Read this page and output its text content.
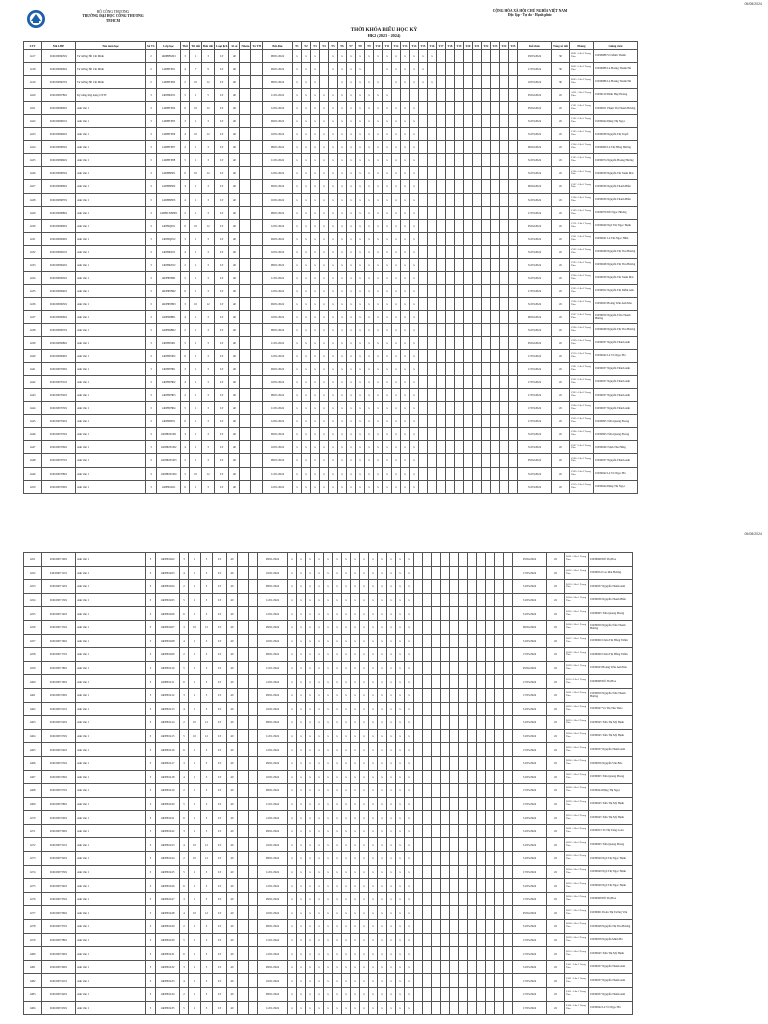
05/08/2024
BỘ CÔNG THƯƠNG
TRƯỜNG ĐẠI HỌC CÔNG THƯƠNG
TP.HCM
CỘNG HÒA XÃ HỘI CHỦ NGHĨA VIỆT NAM
Độc lập - Tự do - Hạnh phúc
THỜI KHÓA BIỂU HỌC KỲ
HK2 (2023 - 2024)
STT	Mã LHP	Tên môn học	Số TC	Lớp học	Thứ	Từ tiết	Đến tiết	Loại lịch	Sĩ số	Nhóm	Tổ TH	Bắt đầu	T1	T2	T3	T4	T5	T6	T7	T8	T9	T10	T11	T12	T13	T14	T15	T16	T17	T18	T19	T20	T21	T22	T23	T24	T25	Kết thúc	Tổng số tiết	Phòng	Giảng viên
1417	010100066501	Tư tưởng Hồ Chí Minh	2	14DHBM01	3	1	3	LT	40			08/01/2024	x	x	x		x	x	x	x	x	x	x	x	x	x	x	x										03/03/2024	30	B301 - Lầu 3 Trọng Tâm	01030088 Võ Minh Thành
1418	010100066601	Tư tưởng Hồ Chí Minh	2	14DHTP01	4	7	9	LT	40			09/01/2024	x	x	x		x	x	x	x			x	x	x	x	x											17/03/2024	30	B302 - Lầu 3 Trọng Tâm	01030086 Lê Hoàng Thanh Hà
1419	010100066701	Tư tưởng Hồ Chí Minh	2	14DHTP02	2	10	12	LT	40			08/01/2024	x	x	x			x	x	x	x	x		x	x	x	x	x										10/03/2024	30	B303 - Lầu 3 Trọng Tâm	01030086 Lê Hoàng Thanh Hà
1420	010100067801	Kỹ năng ứng dụng CNTT	3	14DHKT01	5	1	5	LT	40			11/01/2024	x	x	x	x	x	x	x	x	x	x	x															05/04/2024	45	A201 - Lầu 2 Trọng Tâm	01030120 Đinh Huy Hoàng
1421	010100068001	Anh văn 1	3	14DHTP04	6	10	12	LT	40			12/01/2024	x	x	x	x	x	x	x	x	x	x	x	x	x	x												05/04/2024	45	C101 - Lầu 1 Trọng Tâm	01030051 Phạm Thị Thanh Hương
1422	010100068101	Anh văn 1	3	14DHTP05	3	1	3	LT	40			09/01/2024	x	x	x	x	x	x	x	x	x	x	x	x	x	x												31/03/2024	45	C102 - Lầu 1 Trọng Tâm	01030044 Đặng Thị Ngọc
1423	010100068201	Anh văn 1	3	14DHTP06	4	10	12	LT	40			10/01/2024	x	x	x	x	x	x	x	x	x	x	x	x	x	x												31/03/2024	45	C103 - Lầu 1 Trọng Tâm	01030038 Nguyễn Thị Tuyết
1424	010100068301	Anh văn 1	3	14DHTP07	2	1	3	LT	40			08/01/2024	x	x	x	x	x	x	x	x	x	x	x	x	x	x												06/04/2024	45	C104 - Lầu 1 Trọng Tâm	01030069 Lê Thị Hồng Hương
1425	010100068401	Anh văn 1	3	14DHTP08	5	1	3	LT	40			11/01/2024	x	x	x	x	x	x	x	x	x	x	x	x	x	x												31/03/2024	45	C105 - Lầu 1 Trọng Tâm	01030074 Nguyễn Hoàng Hương
1426	010100068501	Anh văn 1	3	14DHSH01	6	10	12	LT	40			12/01/2024	x	x	x	x	x	x	x	x	x	x	x	x	x	x												31/03/2024	45	C106 - Lầu 1 Trọng Tâm	01030039 Nguyễn Thị Xuân Mai
1427	010100068601	Anh văn 1	3	14DHSH02	3	1	3	LT	40			09/01/2024	x	x	x	x	x	x	x	x	x	x	x	x	x	x												06/04/2024	45	C107 - Lầu 1 Trọng Tâm	01030036 Nguyễn Thanh Hiền
1428	010100068701	Anh văn 1	3	14DHSH03	4	1	3	LT	40			10/01/2024	x	x	x	x	x	x	x	x	x	x	x	x	x	x												31/03/2024	45	C108 - Lầu 1 Trọng Tâm	01030036 Nguyễn Thanh Hiền
1429	010100068801	Anh văn 1	3	14DHCNSH01	2	1	3	LT	40			08/01/2024	x	x	x	x	x	x	x	x	x	x	x	x	x	x												17/03/2024	45	C109 - Lầu 1 Trọng Tâm	01030079 Đỗ Ngọc Hương
1430	010100068901	Anh văn 1	3	14DHQT01	6	10	12	LT	40			12/01/2024	x	x	x	x	x	x	x	x	x	x	x	x	x	x												05/04/2024	45	C110 - Lầu 1 Trọng Tâm	01030049 Ngô Thị Ngọc Hạnh
1431	010100069001	Anh văn 1	3	14DHQT02	3	1	3	LT	40			09/01/2024	x	x	x	x	x	x	x	x	x	x	x	x	x	x												31/03/2024	45	C201 - Lầu 2 Trọng Tâm	01030041 Lê Thị Ngọc Hiền
1432	010100069101	Anh văn 1	3	14DHKT01	4	1	3	LT	40			10/01/2024	x	x	x	x	x	x	x	x	x	x	x	x	x	x												31/03/2024	45	C202 - Lầu 2 Trọng Tâm	01030048 Nguyễn Thị Thu Hương
1433	010100069201	Anh văn 1	3	14DHKT02	2	1	3	LT	40			08/01/2024	x	x	x	x	x	x	x	x	x	x	x	x	x	x												31/03/2024	45	C203 - Lầu 2 Trọng Tâm	01030048 Nguyễn Thị Thu Hương
1434	010100069301	Anh văn 1	3	14DHNH01	5	1	3	LT	40			11/01/2024	x	x	x	x	x	x	x	x	x	x	x	x	x	x												31/03/2024	45	C204 - Lầu 2 Trọng Tâm	01030039 Nguyễn Thị Xuân Mai
1435	010100069401	Anh văn 1	3	14DHNH02	6	1	3	LT	40			12/01/2024	x	x	x	x	x	x	x	x	x	x	x	x	x	x												17/03/2024	45	C205 - Lầu 2 Trọng Tâm	01030052 Nguyễn Thị Diễm Anh
1436	010100069501	Anh văn 1	3	14DHNH03	3	10	12	LT	40			09/01/2024	x	x	x	x	x	x	x	x	x	x	x	x	x	x												31/03/2024	45	C206 - Lầu 2 Trọng Tâm	01030043 Hoàng Trần Anh Đào
1437	010100069601	Anh văn 1	3	14DHDB01	4	1	3	LT	40			10/01/2024	x	x	x	x	x	x	x	x	x	x	x	x	x	x												06/04/2024	45	C207 - Lầu 2 Trọng Tâm	01030050 Nguyễn Trần Thanh Hương
1438	010100069701	Anh văn 1	3	14DHDB02	2	1	3	LT	40			08/01/2024	x	x	x	x	x	x	x	x	x	x	x	x	x	x												31/03/2024	45	C208 - Lầu 2 Trọng Tâm	01030048 Nguyễn Thị Thu Hương
1439	010100069801	Anh văn 1	3	14DHTD01	5	1	3	LT	40			11/01/2024	x	x	x	x	x	x	x	x	x	x	x	x	x	x												05/04/2024	45	C209 - Lầu 2 Trọng Tâm	01030037 Nguyễn Thành Anh
1440	010100069901	Anh văn 1	3	14DHTD02	6	1	3	LT	40			12/01/2024	x	x	x	x	x	x	x	x	x	x	x	x	x	x												17/03/2024	45	C210 - Lầu 2 Trọng Tâm	01030042 Lê Võ Ngọc Hà
1441	010100070001	Anh văn 1	3	14DHTH01	3	1	3	LT	40			09/01/2024	x	x	x	x	x	x	x	x	x	x	x	x	x	x												17/03/2024	45	C301 - Lầu 3 Trọng Tâm	01030037 Nguyễn Thành Anh
1442	010100070101	Anh văn 1	3	14DHTH02	4	1	3	LT	40			10/01/2024	x	x	x	x	x	x	x	x	x	x	x	x	x	x												17/03/2024	45	C302 - Lầu 3 Trọng Tâm	01030037 Nguyễn Thành Anh
1443	010100070201	Anh văn 1	3	14DHTH03	2	1	3	LT	40			08/01/2024	x	x	x	x	x	x	x	x	x	x	x	x	x	x												17/03/2024	45	C303 - Lầu 3 Trọng Tâm	01030037 Nguyễn Thành Anh
1444	010100070301	Anh văn 1	3	14DHTH04	5	1	3	LT	40			11/01/2024	x	x	x	x	x	x	x	x	x	x	x	x	x	x												17/03/2024	45	C304 - Lầu 3 Trọng Tâm	01030037 Nguyễn Thành Anh
1445	010100070401	Anh văn 1	3	14DHDT01	6	1	3	LT	40			12/01/2024	x	x	x	x	x	x	x	x	x	x	x	x	x	x												17/03/2024	45	C305 - Lầu 3 Trọng Tâm	01030065 Trần Quang Phong
1446	010100070501	Anh văn 1	3	14DHOTO01	3	1	3	LT	40			09/01/2024	x	x	x	x	x	x	x	x	x	x	x	x	x	x												31/03/2024	45	C306 - Lầu 3 Trọng Tâm	01030065 Trần Quang Phong
1447	010100070601	Anh văn 1	3	14DHOTO02	4	1	3	LT	40			10/01/2024	x	x	x	x	x	x	x	x	x	x	x	x	x	x												31/03/2024	45	C307 - Lầu 3 Trọng Tâm	01030046 Trịnh Thu Hằng
1448	010100070701	Anh văn 1	3	14DHOTO03	2	1	3	LT	40			08/01/2024	x	x	x	x	x	x	x	x	x	x	x	x	x	x												05/04/2024	45	C308 - Lầu 3 Trọng Tâm	01030037 Nguyễn Thành Anh
1449	010100070801	Anh văn 1	3	14DHOTO04	5	10	12	LT	40			11/01/2024	x	x	x	x	x	x	x	x	x	x	x	x	x	x												31/03/2024	45	C309 - Lầu 3 Trọng Tâm	01030042 Lê Võ Ngọc Hà
1450	010100070901	Anh văn 1	3	14DHCK01	6	1	3	LT	40			12/01/2024	x	x	x	x	x	x	x	x	x	x	x	x	x	x												31/03/2024	45	C310 - Lầu 3 Trọng Tâm	01030044 Đặng Thị Ngọc
05/08/2024
1451	010100071001	Anh văn 1	3	14DHCK02	3	1	3	LT	40			09/01/2024	x	x	x	x	x	x	x	x	x	x	x	x	x	x												05/04/2024	45	D101 - Lầu 1 Trọng Tâm	01030068 Đỗ Thị Hoa
1452	010100071101	Anh văn 1	3	14DHCK03	4	1	3	LT	40			10/01/2024	x	x	x	x	x	x	x	x	x	x	x	x	x	x												17/03/2024	45	D102 - Lầu 1 Trọng Tâm	01030054 Cao Mai Hương
1453	010100071201	Anh văn 1	3	14DHCK04	2	1	3	LT	40			08/01/2024	x	x	x	x	x	x	x	x	x	x	x	x	x	x												31/03/2024	45	D103 - Lầu 1 Trọng Tâm	01030037 Nguyễn Thành Anh
1454	010100071301	Anh văn 1	3	14DHCK05	5	1	3	LT	40			11/01/2024	x	x	x	x	x	x	x	x	x	x	x	x	x	x												31/03/2024	45	D104 - Lầu 1 Trọng Tâm	01030036 Nguyễn Thanh Hiền
1455	010100071401	Anh văn 1	3	14DHCK06	6	1	3	LT	40			12/01/2024	x	x	x	x	x	x	x	x	x	x	x	x	x	x												31/03/2024	45	D105 - Lầu 1 Trọng Tâm	01030065 Trần Quang Phong
1456	010100071501	Anh văn 1	3	14DHCK07	3	10	12	LT	40			09/01/2024	x	x	x	x	x	x	x	x	x	x	x	x	x	x												06/04/2024	45	D106 - Lầu 1 Trọng Tâm	01030050 Nguyễn Trần Thanh Hương
1457	010100071601	Anh văn 1	3	14DHCK08	4	1	3	LT	40			10/01/2024	x	x	x	x	x	x	x	x	x	x	x	x	x	x												31/03/2024	45	D107 - Lầu 1 Trọng Tâm	01030060 Châu Thị Hồng Thắm
1458	010100071701	Anh văn 1	3	14DHCK09	2	1	3	LT	40			08/01/2024	x	x	x	x	x	x	x	x	x	x	x	x	x	x												17/03/2024	45	D108 - Lầu 1 Trọng Tâm	01030060 Châu Thị Hồng Thắm
1459	010100071801	Anh văn 1	3	14DHCK10	5	1	3	LT	40			11/01/2024	x	x	x	x	x	x	x	x	x	x	x	x	x	x												05/04/2024	45	D109 - Lầu 1 Trọng Tâm	01030043 Hoàng Trần Anh Đào
1460	010100071901	Anh văn 1	3	14DHCK11	6	1	3	LT	40			12/01/2024	x	x	x	x	x	x	x	x	x	x	x	x	x	x												17/03/2024	45	D110 - Lầu 1 Trọng Tâm	01030068 Đỗ Thị Hoa
1461	010100072001	Anh văn 1	3	14DHCK12	3	1	3	LT	40			09/01/2024	x	x	x	x	x	x	x	x	x	x	x	x	x	x												17/03/2024	45	D201 - Lầu 2 Trọng Tâm	01030050 Nguyễn Trần Thanh Hương
1462	010100072101	Anh văn 1	3	14DHCK13	4	1	3	LT	40			10/01/2024	x	x	x	x	x	x	x	x	x	x	x	x	x	x												31/03/2024	45	D202 - Lầu 2 Trọng Tâm	01030047 Võ Thị Thu Thảo
1463	010100072201	Anh văn 1	3	14DHCK14	2	10	12	LT	40			08/01/2024	x	x	x	x	x	x	x	x	x	x	x	x	x	x												31/03/2024	45	D203 - Lầu 2 Trọng Tâm	01030045 Trần Thị Mỹ Hạnh
1464	010100072301	Anh văn 1	3	14DHCK15	5	10	12	LT	40			11/01/2024	x	x	x	x	x	x	x	x	x	x	x	x	x	x												31/03/2024	45	D204 - Lầu 2 Trọng Tâm	01030045 Trần Thị Mỹ Hạnh
1465	010100072401	Anh văn 1	3	14DHCK16	6	1	3	LT	40			12/01/2024	x	x	x	x	x	x	x	x	x	x	x	x	x	x												17/03/2024	45	D205 - Lầu 2 Trọng Tâm	01030037 Nguyễn Thành Anh
1466	010100072501	Anh văn 1	3	14DHCK17	3	1	3	LT	40			09/01/2024	x	x	x	x	x	x	x	x	x	x	x	x	x	x												31/03/2024	45	D206 - Lầu 2 Trọng Tâm	01030056 Nguyễn Văn Bảo
1467	010100072601	Anh văn 1	3	14DHCK18	4	1	3	LT	40			10/01/2024	x	x	x	x	x	x	x	x	x	x	x	x	x	x												31/03/2024	45	D207 - Lầu 2 Trọng Tâm	01030065 Trần Quang Phong
1468	010100072701	Anh văn 1	3	14DHCK19	2	1	3	LT	40			08/01/2024	x	x	x	x	x	x	x	x	x	x	x	x	x	x												17/03/2024	45	D208 - Lầu 2 Trọng Tâm	01030044 Đặng Thị Ngọc
1469	010100072801	Anh văn 1	3	14DHCK20	5	1	3	LT	40			11/01/2024	x	x	x	x	x	x	x	x	x	x	x	x	x	x												17/03/2024	45	D209 - Lầu 2 Trọng Tâm	01030045 Trần Thị Mỹ Hạnh
1470	010100072901	Anh văn 1	3	14DHCK21	6	1	3	LT	40			12/01/2024	x	x	x	x	x	x	x	x	x	x	x	x	x	x												31/03/2024	45	D210 - Lầu 2 Trọng Tâm	01030045 Trần Thị Mỹ Hạnh
1471	010100073001	Anh văn 1	3	14DHCK22	3	1	3	LT	40			09/01/2024	x	x	x	x	x	x	x	x	x	x	x	x	x	x												31/03/2024	45	D301 - Lầu 3 Trọng Tâm	01030053 Tô Thị Tùng Loan
1472	010100073101	Anh văn 1	3	14DHCK23	4	10	12	LT	40			10/01/2024	x	x	x	x	x	x	x	x	x	x	x	x	x	x												31/03/2024	45	D302 - Lầu 3 Trọng Tâm	01030065 Trần Quang Phong
1473	010100073201	Anh văn 1	3	14DHCK24	2	10	12	LT	40			08/01/2024	x	x	x	x	x	x	x	x	x	x	x	x	x	x												31/03/2024	45	D303 - Lầu 3 Trọng Tâm	01030049 Ngô Thị Ngọc Hạnh
1474	010100073301	Anh văn 1	3	14DHCK25	5	1	3	LT	40			11/01/2024	x	x	x	x	x	x	x	x	x	x	x	x	x	x												17/03/2024	45	D304 - Lầu 3 Trọng Tâm	01030049 Ngô Thị Ngọc Hạnh
1475	010100073401	Anh văn 1	3	14DHCK26	6	1	3	LT	40			12/01/2024	x	x	x	x	x	x	x	x	x	x	x	x	x	x												31/03/2024	45	D305 - Lầu 3 Trọng Tâm	01030049 Ngô Thị Ngọc Hạnh
1476	010100073501	Anh văn 1	3	14DHCK27	3	1	3	LT	40			09/01/2024	x	x	x	x	x	x	x	x	x	x	x	x	x	x												17/03/2024	45	D306 - Lầu 3 Trọng Tâm	01030068 Đỗ Thị Hoa
1477	010100073601	Anh văn 1	3	14DHCK28	4	10	12	LT	40			10/01/2024	x	x	x	x	x	x	x	x	x	x	x	x	x	x												05/04/2024	45	D307 - Lầu 3 Trọng Tâm	01030061 Đoàn Thị Tường Vân
1478	010100073701	Anh văn 1	3	14DHCK29	2	1	3	LT	40			08/01/2024	x	x	x	x	x	x	x	x	x	x	x	x	x	x												31/03/2024	45	D308 - Lầu 3 Trọng Tâm	01030048 Nguyễn Thị Thu Hương
1479	010100073801	Anh văn 1	3	14DHCK30	5	1	3	LT	40			11/01/2024	x	x	x	x	x	x	x	x	x	x	x	x	x	x												17/03/2024	45	D309 - Lầu 3 Trọng Tâm	01030058 Nguyễn Minh Hà
1480	010100073901	Anh văn 1	3	14DHCK31	6	1	3	LT	40			12/01/2024	x	x	x	x	x	x	x	x	x	x	x	x	x	x												17/03/2024	45	D310 - Lầu 3 Trọng Tâm	01030045 Trần Thị Mỹ Hạnh
1481	010100074001	Anh văn 1	3	14DHCK32	3	1	3	LT	40			09/01/2024	x	x	x	x	x	x	x	x	x	x	x	x	x	x												31/03/2024	45	E101 - Lầu 1 Trọng Tâm	01030037 Nguyễn Thành Anh
1482	010100074101	Anh văn 1	3	14DHCK33	4	1	3	LT	40			10/01/2024	x	x	x	x	x	x	x	x	x	x	x	x	x	x												17/03/2024	45	E102 - Lầu 1 Trọng Tâm	01030037 Nguyễn Thành Anh
1483	010100074201	Anh văn 1	3	14DHCK34	2	1	3	LT	40			08/01/2024	x	x	x	x	x	x	x	x	x	x	x	x	x	x												17/03/2024	45	E103 - Lầu 1 Trọng Tâm	01030037 Nguyễn Thành Anh
1484	010100074301	Anh văn 1	3	14DHCK35	5	1	3	LT	40			11/01/2024	x	x	x	x	x	x	x	x	x	x	x	x	x	x												17/03/2024	45	E104 - Lầu 1 Trọng Tâm	01030042 Lê Võ Ngọc Hà
